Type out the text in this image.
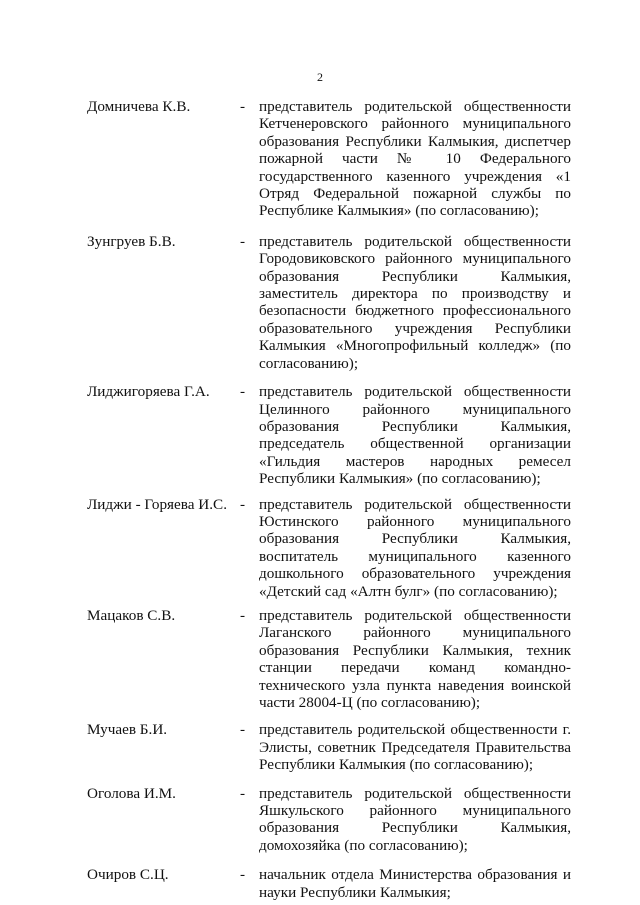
2
Домничева К.В.	- представитель родительской общественности Кетченеровского районного муниципального образования Республики Калмыкия, диспетчер пожарной части № 10 Федерального государственного казенного учреждения «1 Отряд Федеральной пожарной службы по Республике Калмыкия» (по согласованию);
Зунгруев Б.В.	- представитель родительской общественности Городовиковского районного муниципального образования Республики Калмыкия, заместитель директора по производству и безопасности бюджетного профессионального образовательного учреждения Республики Калмыкия «Многопрофильный колледж» (по согласованию);
Лиджигоряева Г.А.	- представитель родительской общественности Целинного районного муниципального образования Республики Калмыкия, председатель общественной организации «Гильдия мастеров народных ремесел Республики Калмыкия» (по согласованию);
Лиджи - Горяева И.С. - представитель родительской общественности Юстинского районного муниципального образования Республики Калмыкия, воспитатель муниципального казенного дошкольного образовательного учреждения «Детский сад «Алтн булг» (по согласованию);
Мацаков С.В.	- представитель родительской общественности Лаганского районного муниципального образования Республики Калмыкия, техник станции передачи команд командно-технического узла пункта наведения воинской части 28004-Ц (по согласованию);
Мучаев Б.И.	- представитель родительской общественности г. Элисты, советник Председателя Правительства Республики Калмыкия (по согласованию);
Оголова И.М.	- представитель родительской общественности Яшкульского районного муниципального образования Республики Калмыкия, домохозяйка (по согласованию);
Очиров С.Ц.	- начальник отдела Министерства образования и науки Республики Калмыкия;
